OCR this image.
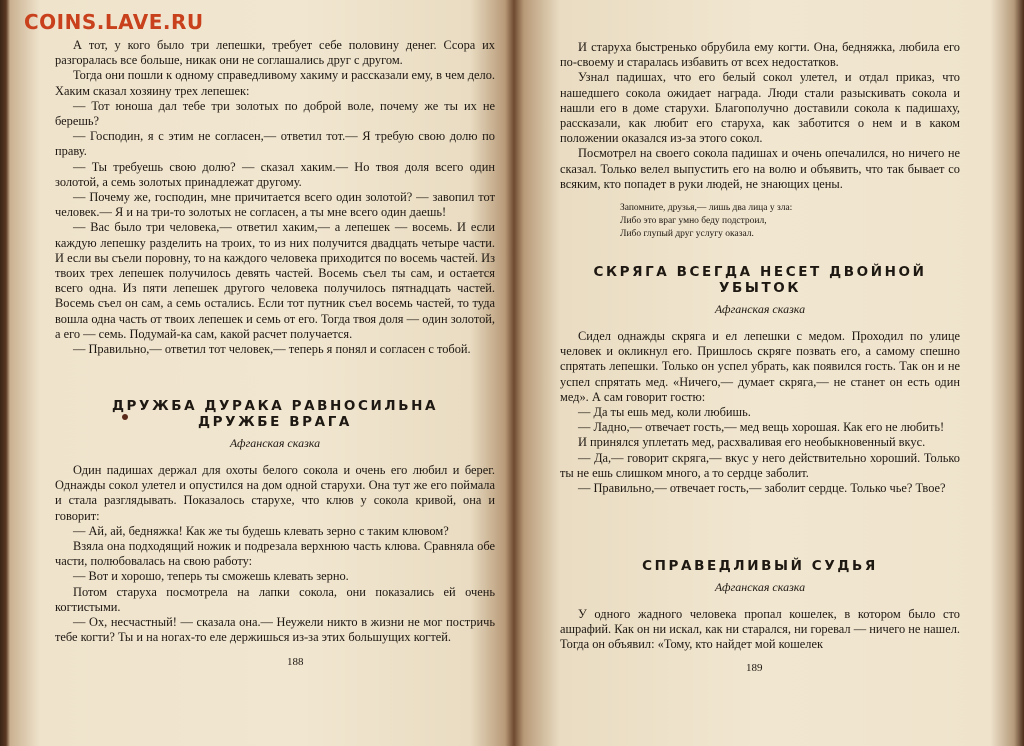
COINS.LAVE.RU

А тот, у кого было три лепешки, требует себе половину денег. Ссора их разгоралась все больше, никак они не соглашались друг с другом.

Тогда они пошли к одному справедливому хакиму и рассказали ему, в чем дело. Хаким сказал хозяину трех лепешек:

— Тот юноша дал тебе три золотых по доброй воле, почему же ты их не берешь?

— Господин, я с этим не согласен,— ответил тот.— Я требую свою долю по праву.

— Ты требуешь свою долю? — сказал хаким.— Но твоя доля всего один золотой, а семь золотых принадлежат другому.

— Почему же, господин, мне причитается всего один золотой? — завопил тот человек.— Я и на три-то золотых не согласен, а ты мне всего один даешь!

— Вас было три человека,— ответил хаким,— а лепешек — восемь. И если каждую лепешку разделить на троих, то из них получится двадцать четыре части. И если вы съели поровну, то на каждого человека приходится по восемь частей. Из твоих трех лепешек получилось девять частей. Восемь съел ты сам, и остается всего одна. Из пяти лепешек другого человека получилось пятнадцать частей. Восемь съел он сам, а семь остались. Если тот путник съел восемь частей, то туда вошла одна часть от твоих лепешек и семь от его. Тогда твоя доля — один золотой, а его — семь. Подумай-ка сам, какой расчет получается.

— Правильно,— ответил тот человек,— теперь я понял и согласен с тобой.

ДРУЖБА ДУРАКА РАВНОСИЛЬНА ДРУЖБЕ ВРАГА
Афганская сказка

Один падишах держал для охоты белого сокола и очень его любил и берег. Однажды сокол улетел и опустился на дом одной старухи. Она тут же его поймала и стала разглядывать. Показалось старухе, что клюв у сокола кривой, она и говорит:

— Ай, ай, бедняжка! Как же ты будешь клевать зерно с таким клювом?

Взяла она подходящий ножик и подрезала верхнюю часть клюва. Сравняла обе части, полюбовалась на свою работу:

— Вот и хорошо, теперь ты сможешь клевать зерно.

Потом старуха посмотрела на лапки сокола, они показались ей очень когтистыми.

— Ох, несчастный! — сказала она.— Неужели никто в жизни не мог постричь тебе когти? Ты и на ногах-то еле держишься из-за этих большущих когтей.

188

И старуха быстренько обрубила ему когти. Она, бедняжка, любила его по-своему и старалась избавить от всех недостатков.

Узнал падишах, что его белый сокол улетел, и отдал приказ, что нашедшего сокола ожидает награда. Люди стали разыскивать сокола и нашли его в доме старухи. Благополучно доставили сокола к падишаху, рассказали, как любит его старуха, как заботится о нем и в каком положении оказался из-за этого сокол.

Посмотрел на своего сокола падишах и очень опечалился, но ничего не сказал. Только велел выпустить его на волю и объявить, что так бывает со всяким, кто попадет в руки людей, не знающих цены.

Запомните, друзья,— лишь два лица у зла:
Либо это враг умно беду подстроил,
Либо глупый друг услугу оказал.
СКРЯГА ВСЕГДА НЕСЕТ ДВОЙНОЙ УБЫТОК
Афганская сказка

Сидел однажды скряга и ел лепешки с медом. Проходил по улице человек и окликнул его. Пришлось скряге позвать его, а самому спешно спрятать лепешки. Только он успел убрать, как появился гость. Так он и не успел спрятать мед. «Ничего,— думает скряга,— не станет он есть один мед». А сам говорит гостю:

— Да ты ешь мед, коли любишь.

— Ладно,— отвечает гость,— мед вещь хорошая. Как его не любить!

И принялся уплетать мед, расхваливая его необыкновенный вкус.

— Да,— говорит скряга,— вкус у него действительно хороший. Только ты не ешь слишком много, а то сердце заболит.

— Правильно,— отвечает гость,— заболит сердце. Только чье? Твое?

СПРАВЕДЛИВЫЙ СУДЬЯ
Афганская сказка

У одного жадного человека пропал кошелек, в котором было сто ашрафий. Как он ни искал, как ни старался, ни горевал — ничего не нашел. Тогда он объявил: «Тому, кто найдет мой кошелек

189
